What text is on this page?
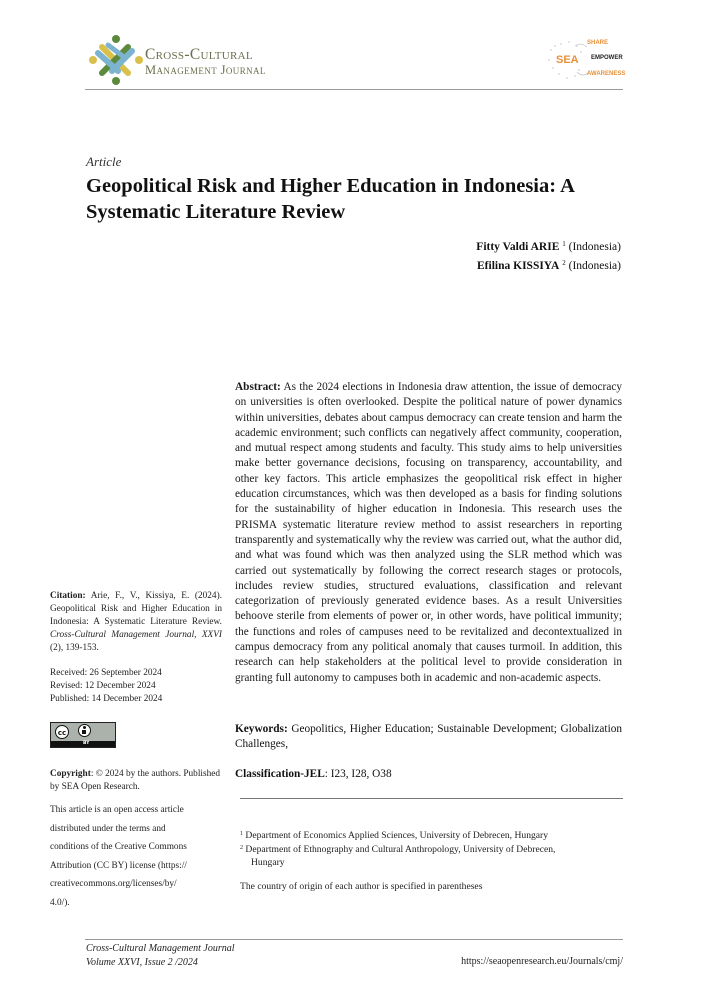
Cross-Cultural
Management Journal
SEA
SHARE
EMPOWER
AWARENESS
Article
Geopolitical Risk and Higher Education in Indonesia: A Systematic Literature Review
Fitty Valdi ARIE $^1$ (Indonesia)
Efilina KISSIYA $^2$ (Indonesia)
Abstract: As the 2024 elections in Indonesia draw attention, the issue of democracy on universities is often overlooked. Despite the political nature of power dynamics within universities, debates about campus democracy can create tension and harm the academic environment; such conflicts can negatively affect community, cooperation, and mutual respect among students and faculty. This study aims to help universities make better governance decisions, focusing on transparency, accountability, and other key factors. This article emphasizes the geopolitical risk effect in higher education circumstances, which was then developed as a basis for finding solutions for the sustainability of higher education in Indonesia. This research uses the PRISMA systematic literature review method to assist researchers in reporting transparently and systematically why the review was carried out, what the author did, and what was found which was then analyzed using the SLR method which was carried out systematically by following the correct research stages or protocols, includes review studies, structured evaluations, classification and relevant categorization of previously generated evidence bases. As a result Universities behoove sterile from elements of power or, in other words, have political immunity; the functions and roles of campuses need to be revitalized and decontextualized in campus democracy from any political anomaly that causes turmoil. In addition, this research can help stakeholders at the political level to provide consideration in granting full autonomy to campuses both in academic and non-academic aspects.
Keywords: Geopolitics, Higher Education; Sustainable Development; Globalization Challenges,
Classification-JEL: I23, I28, O38
$^1$ Department of Economics Applied Sciences, University of Debrecen, Hungary
$^2$ Department of Ethnography and Cultural Anthropology, University of Debrecen,
Hungary
The country of origin of each author is specified in parentheses
Citation: Arie, F., V., Kissiya, E. (2024). Geopolitical Risk and Higher Education in Indonesia: A Systematic Literature Review. Cross-Cultural Management Journal, XXVI (2), 139-153.
Received: 26 September 2024
Revised: 12 December 2024
Published: 14 December 2024
cc
BY
Copyright: © 2024 by the authors. Published by SEA Open Research.
This article is an open access article
distributed under the terms and
conditions of the Creative Commons
Attribution (CC BY) license (https://
creativecommons.org/licenses/by/
4.0/).
Cross-Cultural Management Journal
Volume XXVI, Issue 2 /2024	https://seaopenresearch.eu/Journals/cmj/
